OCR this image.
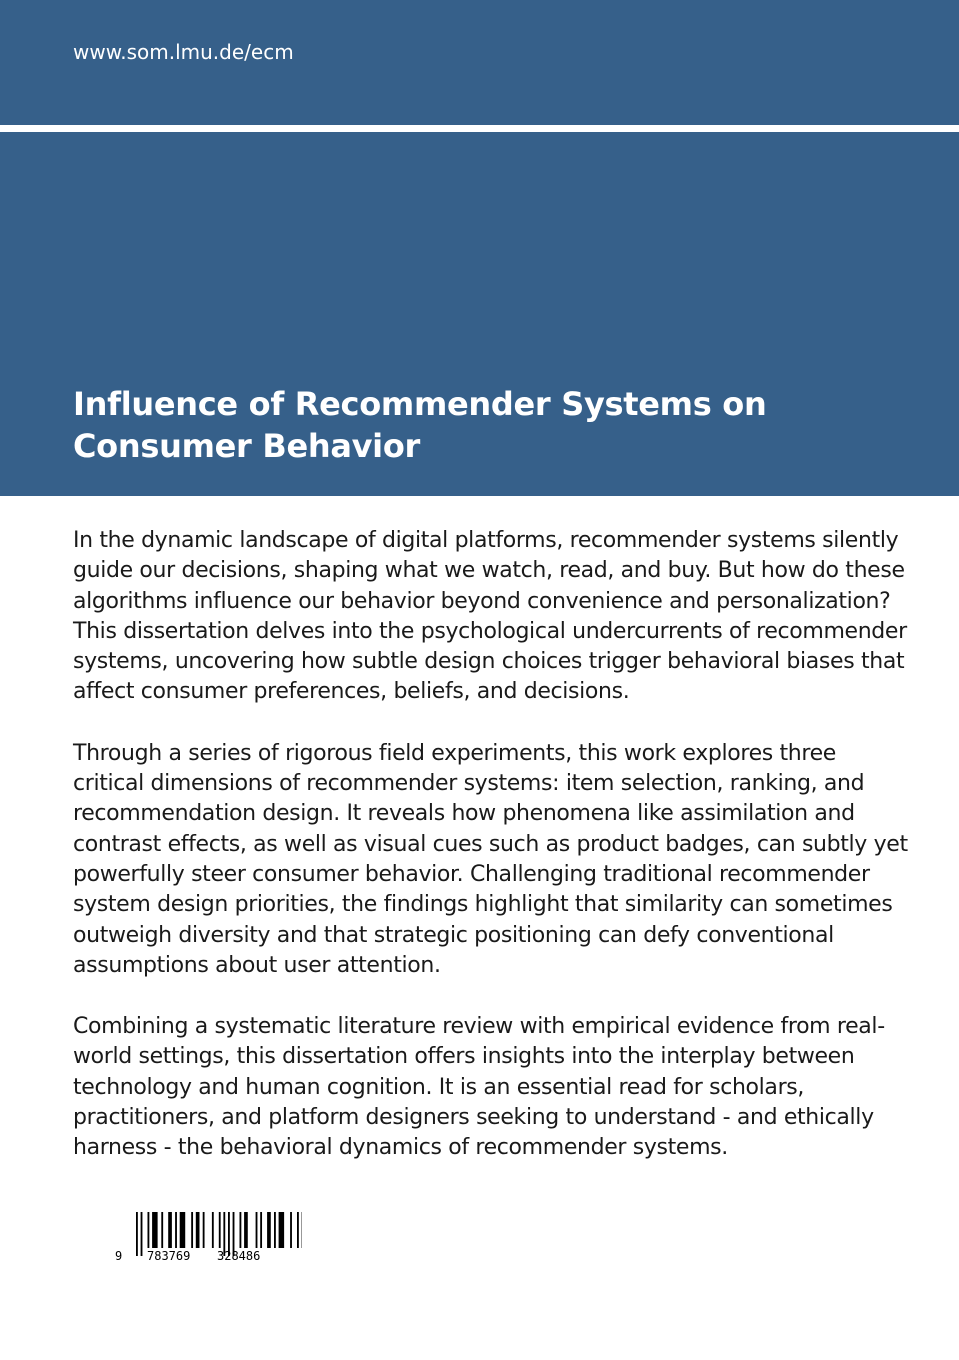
www.som.lmu.de/ecm
Influence of Recommender Systems on
Consumer Behavior

In the dynamic landscape of digital platforms, recommender systems silently guide our decisions, shaping what we watch, read, and buy. But how do these algorithms influence our behavior beyond convenience and personalization? This dissertation delves into the psychological undercurrents of recommender systems, uncovering how subtle design choices trigger behavioral biases that affect consumer preferences, beliefs, and decisions.

Through a series of rigorous field experiments, this work explores three critical dimensions of recommender systems: item selection, ranking, and recommendation design. It reveals how phenomena like assimilation and contrast effects, as well as visual cues such as product badges, can subtly yet powerfully steer consumer behavior. Challenging traditional recommender system design priorities, the findings highlight that similarity can sometimes outweigh diversity and that strategic positioning can defy conventional assumptions about user attention.

Combining a systematic literature review with empirical evidence from real-world settings, this dissertation offers insights into the interplay between technology and human cognition. It is an essential read for scholars, practitioners, and platform designers seeking to understand - and ethically harness - the behavioral dynamics of recommender systems.

9 783769 328486
